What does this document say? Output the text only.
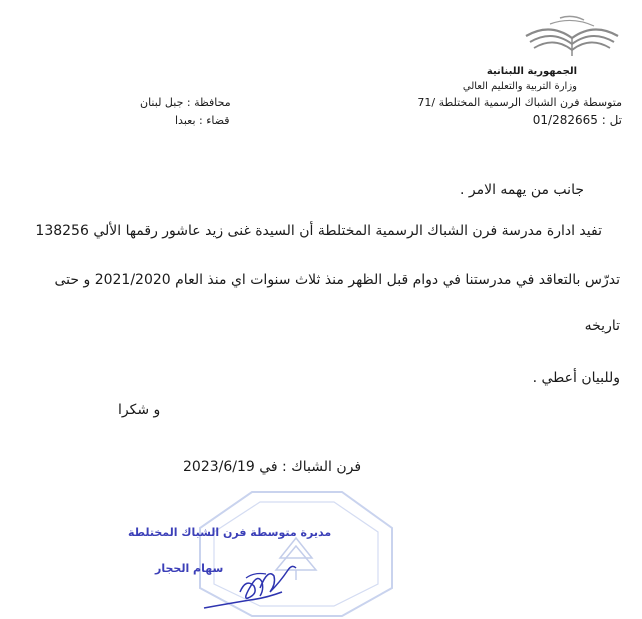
الجمهورية اللبنانية
وزارة التربية والتعليم العالي
متوسطة فرن الشباك الرسمية المختلطة /71
تل : 01/282665
محافظة : جبل لبنان
قضاء : بعبدا
جانب من يهمه الامر .
تفيد ادارة مدرسة فرن الشباك الرسمية المختلطة أن السيدة غنى زيد عاشور رقمها الألي 138256
تدرّس بالتعاقد في مدرستنا في دوام قبل الظهر منذ ثلاث سنوات اي منذ العام 2021/2020 و حتى
تاريخه
وللبيان أعطي .
و شكرا
فرن الشباك : في 2023/6/19
مديرة متوسطة فرن الشباك المختلطة
سهام الحجار
